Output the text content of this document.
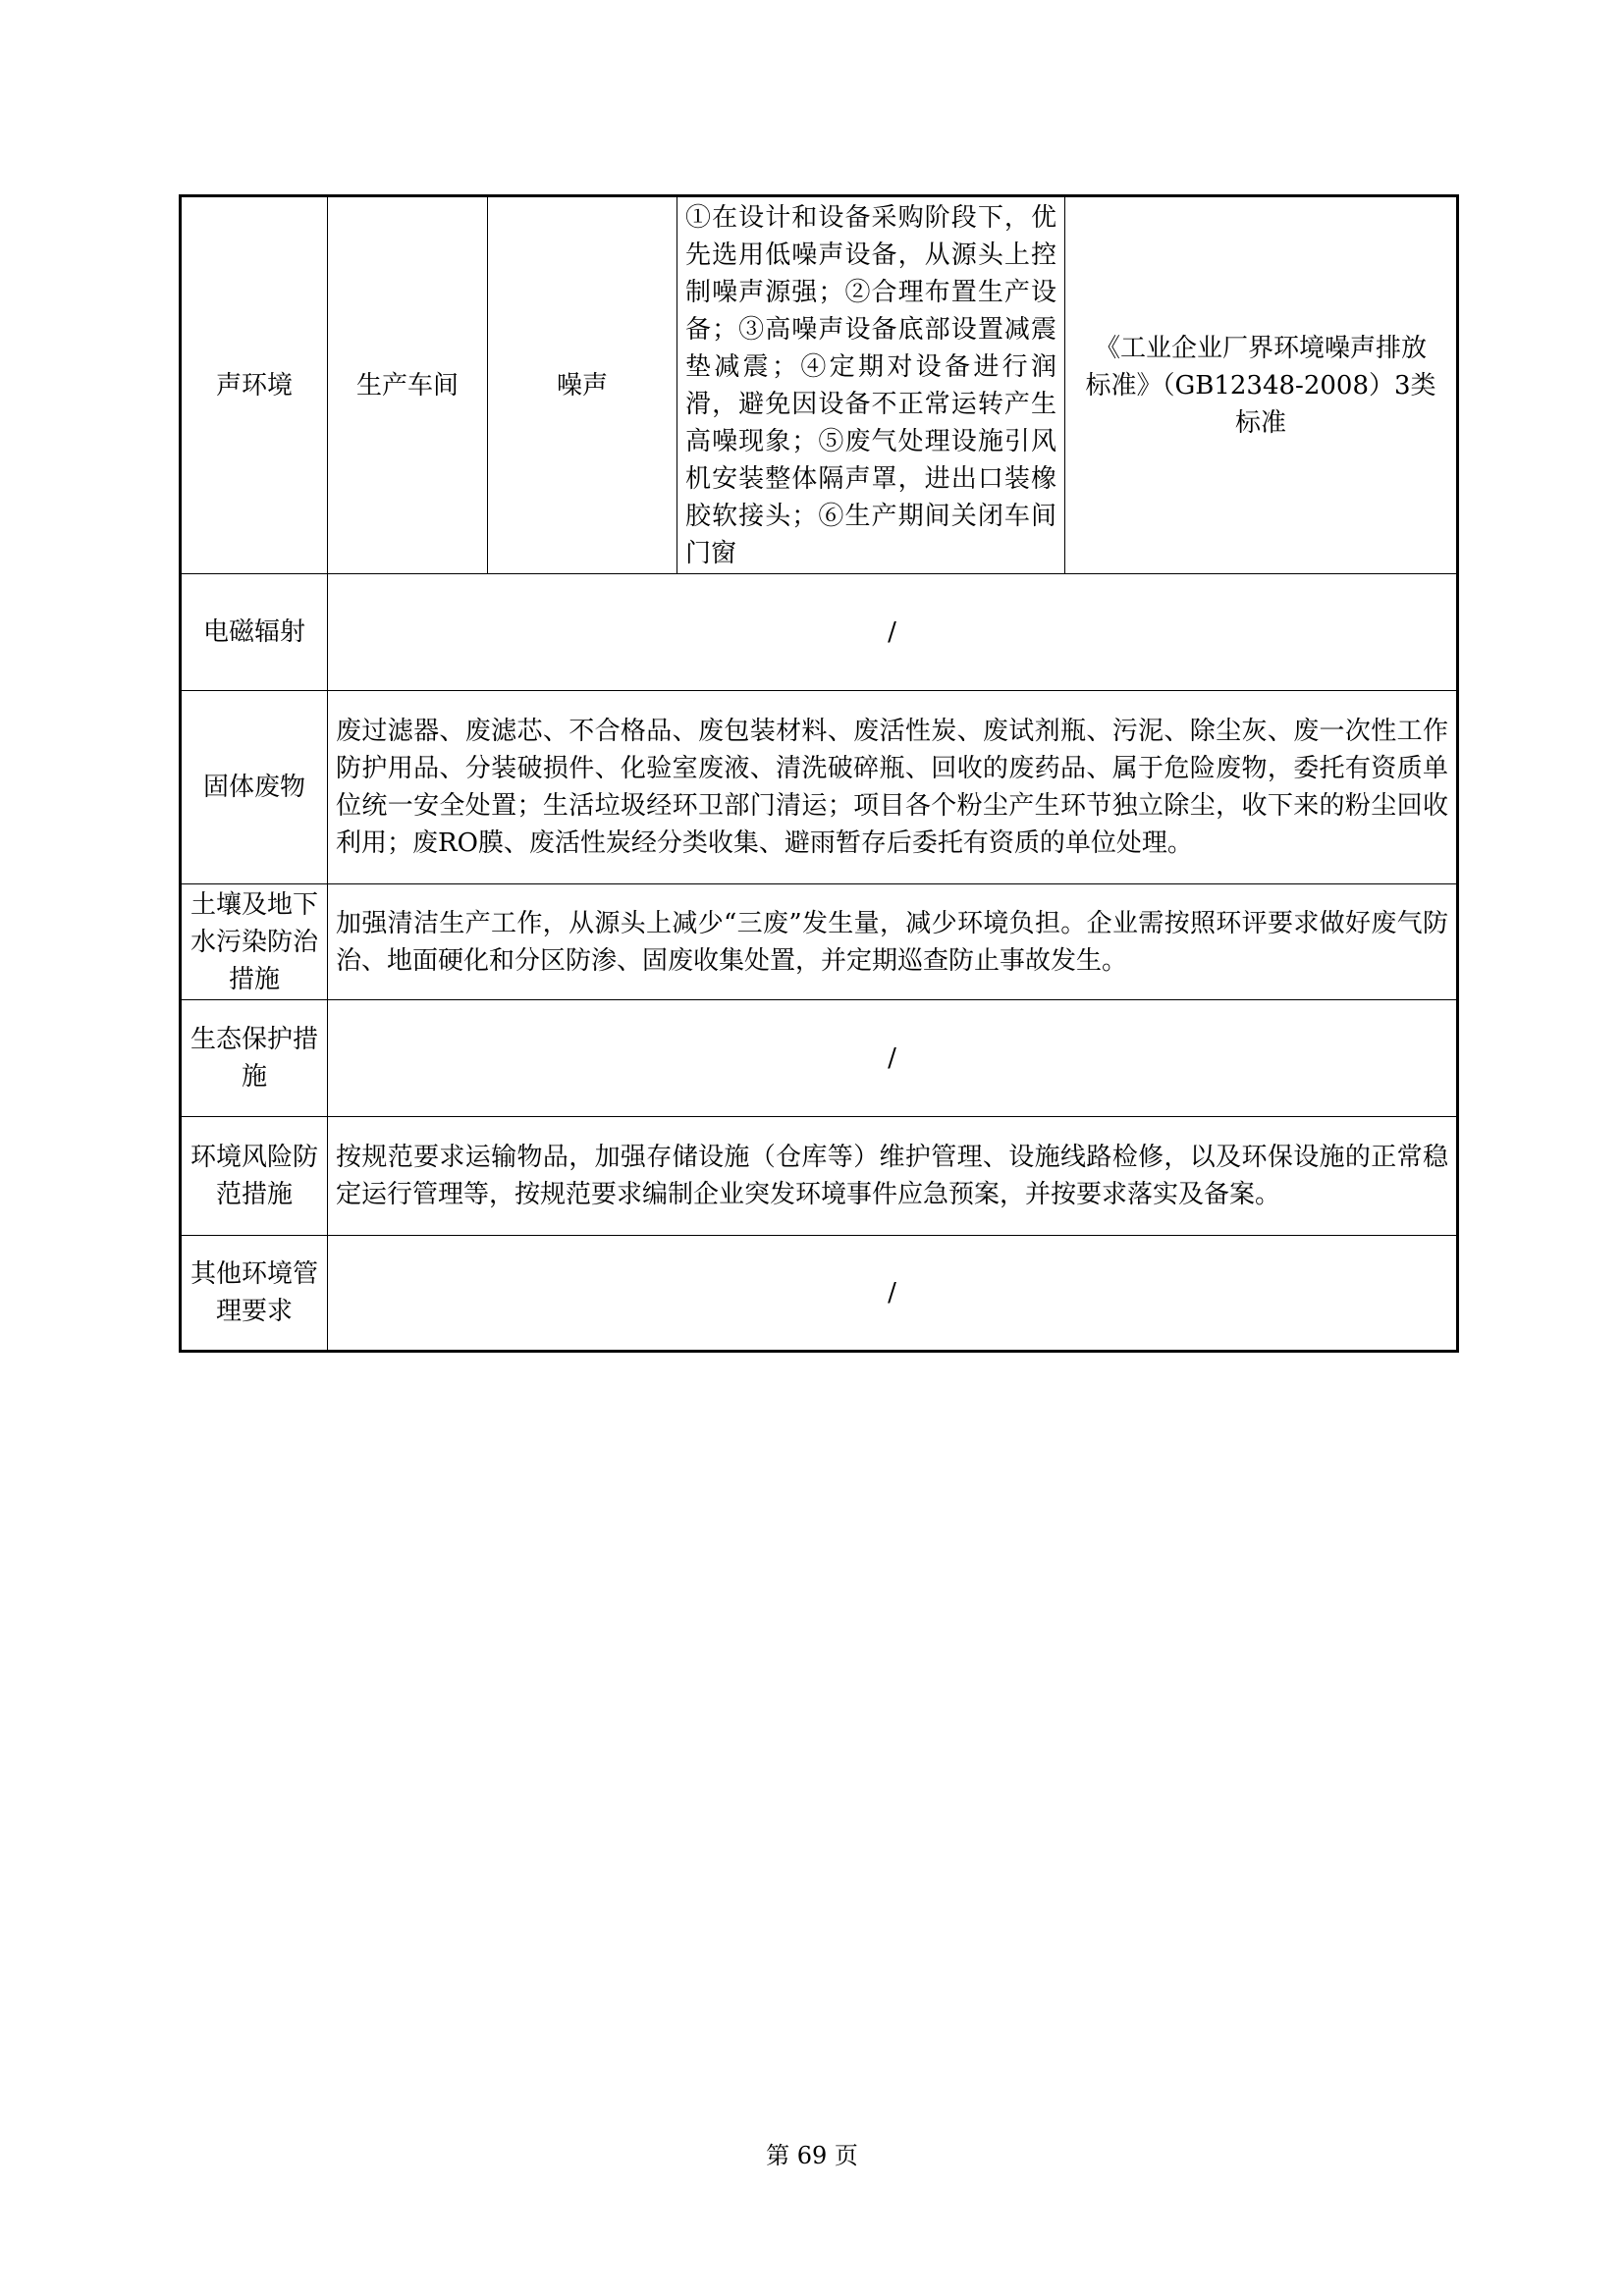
声环境	生产车间	噪声	①在设计和设备采购阶段下，优先选用低噪声设备，从源头上控制噪声源强；②合理布置生产设备；③高噪声设备底部设置减震垫减震；④定期对设备进行润滑，避免因设备不正常运转产生高噪现象；⑤废气处理设施引风机安装整体隔声罩，进出口装橡胶软接头；⑥生产期间关闭车间门窗	《工业企业厂界环境噪声排放标准》（GB12348-2008）3类标准
电磁辐射	/			
固体废物	废过滤器、废滤芯、不合格品、废包装材料、废活性炭、废试剂瓶、污泥、除尘灰、废一次性工作防护用品、分装破损件、化验室废液、清洗破碎瓶、回收的废药品、属于危险废物，委托有资质单位统一安全处置；生活垃圾经环卫部门清运；项目各个粉尘产生环节独立除尘，收下来的粉尘回收利用；废RO膜、废活性炭经分类收集、避雨暂存后委托有资质的单位处理。			
土壤及地下水污染防治措施	加强清洁生产工作，从源头上减少“三废”发生量，减少环境负担。企业需按照环评要求做好废气防治、地面硬化和分区防渗、固废收集处置，并定期巡查防止事故发生。			
生态保护措施	/			
环境风险防范措施	按规范要求运输物品，加强存储设施（仓库等）维护管理、设施线路检修，以及环保设施的正常稳定运行管理等，按规范要求编制企业突发环境事件应急预案，并按要求落实及备案。			
其他环境管理要求	/			
第 69 页
